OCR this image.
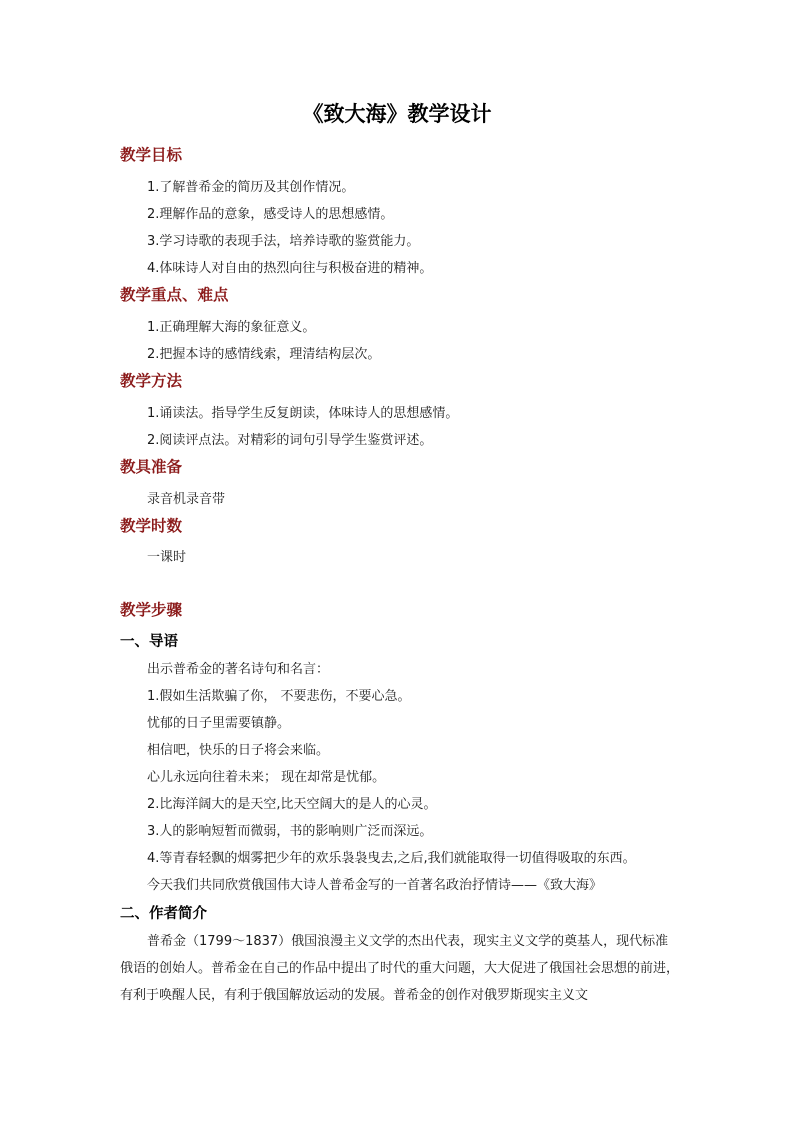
《致大海》教学设计
教学目标

1.了解普希金的简历及其创作情况。

2.理解作品的意象，感受诗人的思想感情。

3.学习诗歌的表现手法，培养诗歌的鉴赏能力。

4.体味诗人对自由的热烈向往与积极奋进的精神。

教学重点、难点

1.正确理解大海的象征意义。

2.把握本诗的感情线索，理清结构层次。

教学方法

1.诵读法。指导学生反复朗读，体味诗人的思想感情。

2.阅读评点法。对精彩的词句引导学生鉴赏评述。

教具准备

录音机录音带

教学时数

一课时

教学步骤
一、导语

出示普希金的著名诗句和名言：

1.假如生活欺骗了你， 不要悲伤，不要心急。

忧郁的日子里需要镇静。

相信吧，快乐的日子将会来临。

心儿永远向往着未来； 现在却常是忧郁。

2.比海洋阔大的是天空,比天空阔大的是人的心灵。

3.人的影响短暂而微弱，书的影响则广泛而深远。

4.等青春轻飘的烟雾把少年的欢乐袅袅曳去,之后,我们就能取得一切值得吸取的东西。

今天我们共同欣赏俄国伟大诗人普希金写的一首著名政治抒情诗——《致大海》

二、作者简介

普希金（1799～1837）俄国浪漫主义文学的杰出代表，现实主义文学的奠基人，现代标准俄语的创始人。普希金在自己的作品中提出了时代的重大问题，大大促进了俄国社会思想的前进，有利于唤醒人民，有利于俄国解放运动的发展。普希金的创作对俄罗斯现实主义文
